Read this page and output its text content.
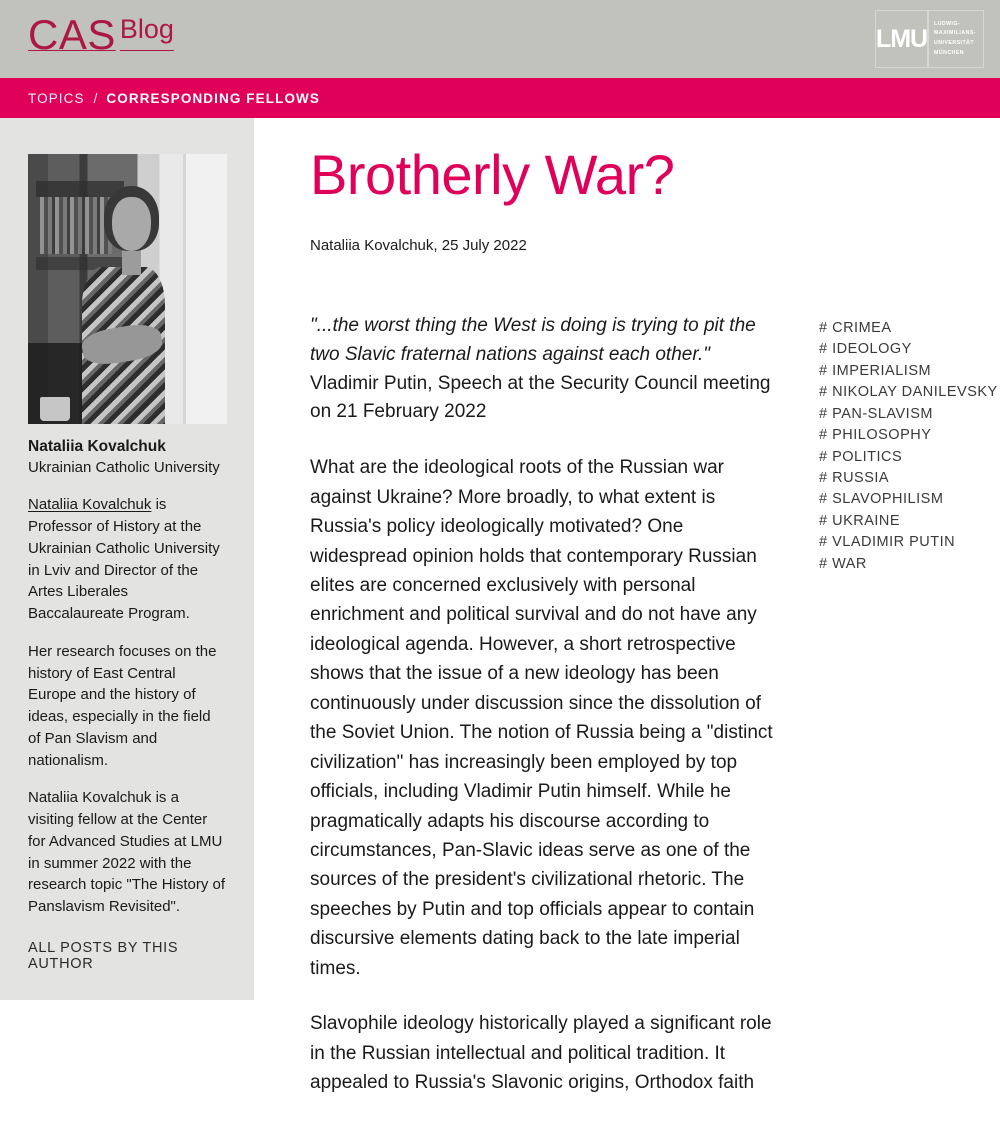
CAS Blog	LMU
LUDWIG-
MAXIMILIANS-
UNIVERSITÄT
MÜNCHEN
TOPICS / CORRESPONDING FELLOWS
Nataliia Kovalchuk
Ukrainian Catholic University

Nataliia Kovalchuk is Professor of History at the Ukrainian Catholic University in Lviv and Director of the Artes Liberales Baccalaureate Program.

Her research focuses on the history of East Central Europe and the history of ideas, especially in the field of Pan Slavism and nationalism.

Nataliia Kovalchuk is a visiting fellow at the Center for Advanced Studies at LMU in summer 2022 with the research topic "The History of Panslavism Revisited".

ALL POSTS BY THIS AUTHOR
Brotherly War?
Nataliia Kovalchuk, 25 July 2022

"...the worst thing the West is doing is trying to pit the two Slavic fraternal nations against each other."
Vladimir Putin, Speech at the Security Council meeting on 21 February 2022

What are the ideological roots of the Russian war against Ukraine? More broadly, to what extent is Russia's policy ideologically motivated? One widespread opinion holds that contemporary Russian elites are concerned exclusively with personal enrichment and political survival and do not have any ideological agenda. However, a short retrospective shows that the issue of a new ideology has been continuously under discussion since the dissolution of the Soviet Union. The notion of Russia being a "distinct civilization" has increasingly been employed by top officials, including Vladimir Putin himself. While he pragmatically adapts his discourse according to circumstances, Pan-Slavic ideas serve as one of the sources of the president's civilizational rhetoric. The speeches by Putin and top officials appear to contain discursive elements dating back to the late imperial times.

Slavophile ideology historically played a significant role in the Russian intellectual and political tradition. It appealed to Russia's Slavonic origins, Orthodox faith

# CRIMEA
# IDEOLOGY
# IMPERIALISM
# NIKOLAY DANILEVSKY
# PAN-SLAVISM
# PHILOSOPHY
# POLITICS
# RUSSIA
# SLAVOPHILISM
# UKRAINE
# VLADIMIR PUTIN
# WAR
